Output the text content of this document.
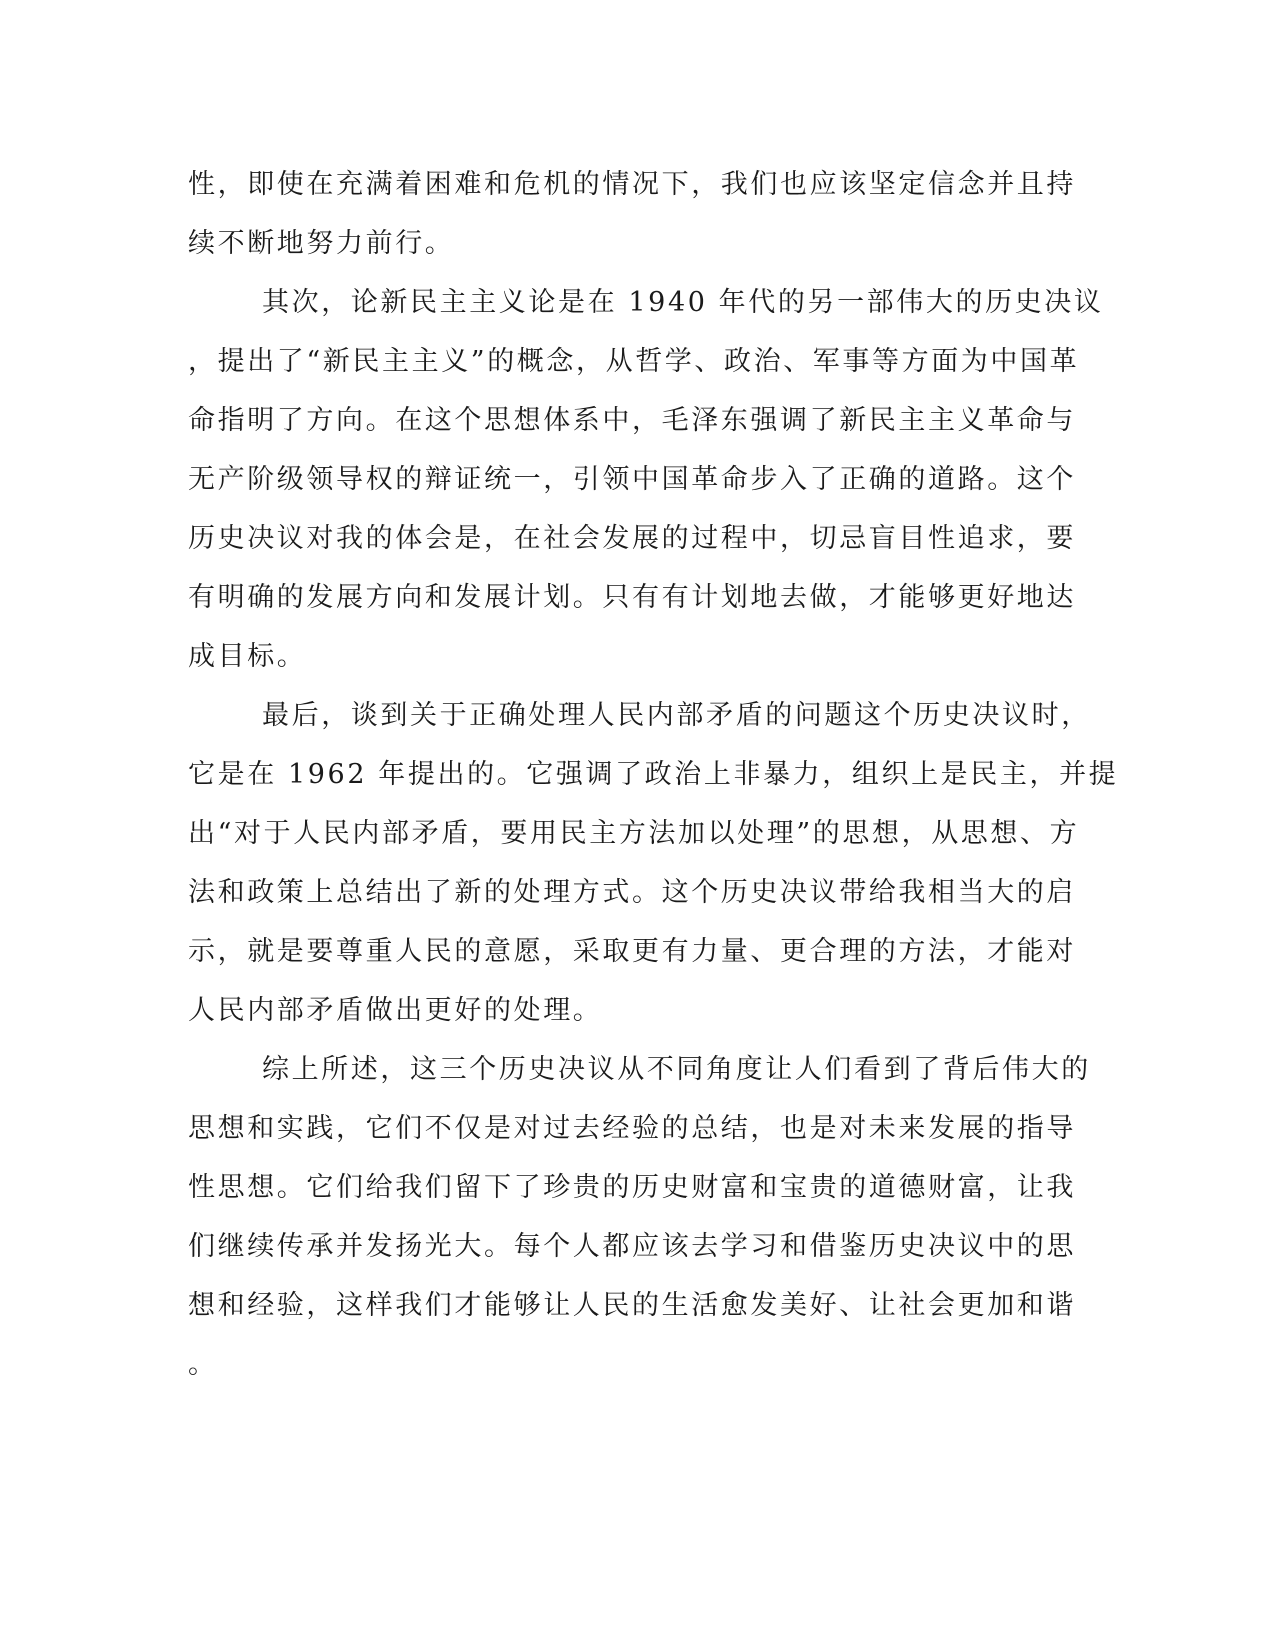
性，即使在充满着困难和危机的情况下，我们也应该坚定信念并且持
续不断地努力前行。
其次，论新民主主义论是在 1940 年代的另一部伟大的历史决议
，提出了“新民主主义”的概念，从哲学、政治、军事等方面为中国革
命指明了方向。在这个思想体系中，毛泽东强调了新民主主义革命与
无产阶级领导权的辩证统一，引领中国革命步入了正确的道路。这个
历史决议对我的体会是，在社会发展的过程中，切忌盲目性追求，要
有明确的发展方向和发展计划。只有有计划地去做，才能够更好地达
成目标。
最后，谈到关于正确处理人民内部矛盾的问题这个历史决议时，
它是在 1962 年提出的。它强调了政治上非暴力，组织上是民主，并提
出“对于人民内部矛盾，要用民主方法加以处理”的思想，从思想、方
法和政策上总结出了新的处理方式。这个历史决议带给我相当大的启
示，就是要尊重人民的意愿，采取更有力量、更合理的方法，才能对
人民内部矛盾做出更好的处理。
综上所述，这三个历史决议从不同角度让人们看到了背后伟大的
思想和实践，它们不仅是对过去经验的总结，也是对未来发展的指导
性思想。它们给我们留下了珍贵的历史财富和宝贵的道德财富，让我
们继续传承并发扬光大。每个人都应该去学习和借鉴历史决议中的思
想和经验，这样我们才能够让人民的生活愈发美好、让社会更加和谐
。
